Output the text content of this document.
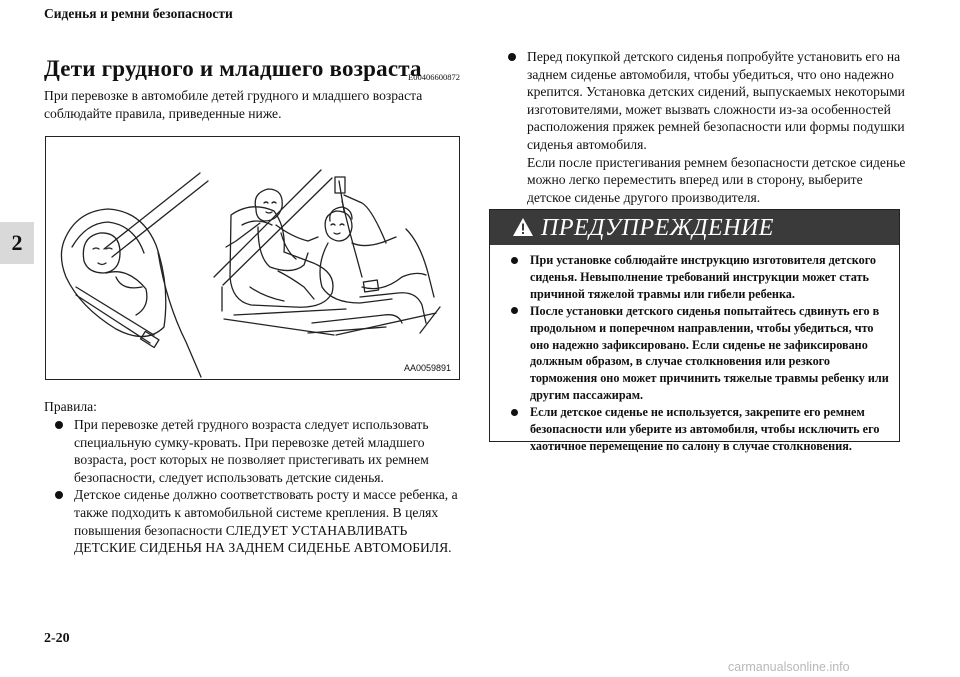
Сиденья и ремни безопасности
2
Дети грудного и младшего возраста
E00406600872
При перевозке в автомобиле детей грудного и младшего возраста соблюдайте правила, приведенные ниже.
AA0059891
Правила:
При перевозке детей грудного возраста следует использовать специальную сумку-кровать. При перевозке детей младшего возраста, рост которых не позволяет пристегивать их ремнем безопасности, следует использовать детские сиденья.
Детское сиденье должно соответствовать росту и массе ребенка, а также подходить к автомобильной системе крепления. В целях повышения безопасности СЛЕДУЕТ УСТАНАВЛИВАТЬ ДЕТСКИЕ СИДЕНЬЯ НА ЗАДНЕМ СИДЕНЬЕ АВТОМОБИЛЯ.
Перед покупкой детского сиденья попробуйте установить его на заднем сиденье автомобиля, чтобы убедиться, что оно надежно крепится. Установка детских сидений, выпускаемых некоторыми изготовителями, может вызвать сложности из-за особенностей расположения пряжек ремней безопасности или формы подушки сиденья автомобиля.
Если после пристегивания ремнем безопасности детское сиденье можно легко переместить вперед или в сторону, выберите детское сиденье другого производителя.
ПРЕДУПРЕЖДЕНИЕ
При установке соблюдайте инструкцию изготовителя детского сиденья. Невыполнение требований инструкции может стать причиной тяжелой травмы или гибели ребенка.
После установки детского сиденья попытайтесь сдвинуть его в продольном и поперечном направлении, чтобы убедиться, что оно надежно зафиксировано. Если сиденье не зафиксировано должным образом, в случае столкновения или резкого торможения оно может причинить тяжелые травмы ребенку или другим пассажирам.
Если детское сиденье не используется, закрепите его ремнем безопасности или уберите из автомобиля, чтобы исключить его хаотичное перемещение по салону в случае столкновения.
2-20
carmanualsonline.info
